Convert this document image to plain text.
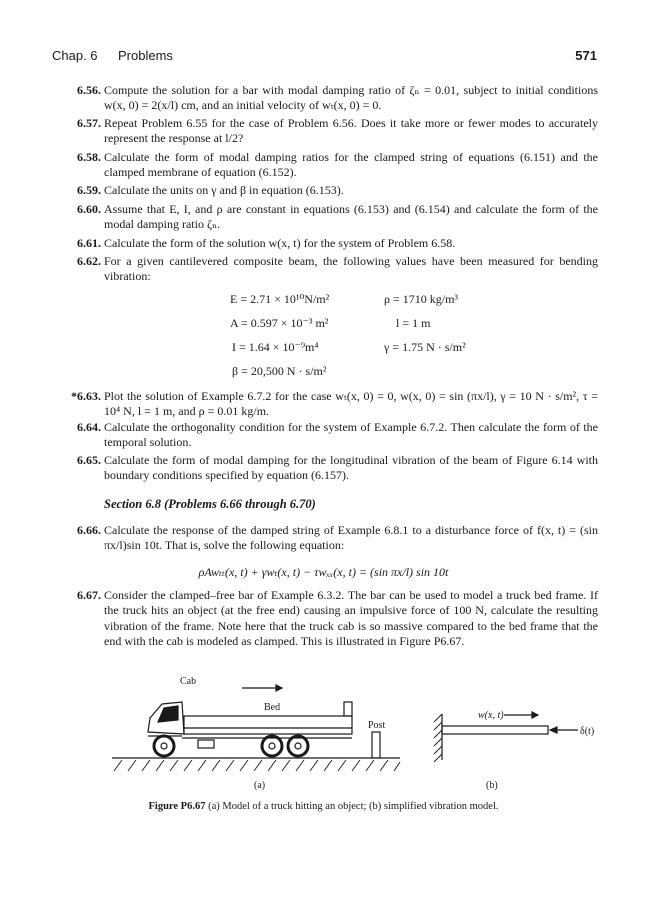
Chap. 6 Problems	571
6.56. Compute the solution for a bar with modal damping ratio of ζₙ = 0.01, subject to initial conditions w(x, 0) = 2(x/l) cm, and an initial velocity of wₜ(x, 0) = 0.

6.57. Repeat Problem 6.55 for the case of Problem 6.56. Does it take more or fewer modes to accurately represent the response at l/2?

6.58. Calculate the form of modal damping ratios for the clamped string of equations (6.151) and the clamped membrane of equation (6.152).

6.59. Calculate the units on γ and β in equation (6.153).

6.60. Assume that E, I, and ρ are constant in equations (6.153) and (6.154) and calculate the form of the modal damping ratio ζₙ.

6.61. Calculate the form of the solution w(x, t) for the system of Problem 6.58.

6.62. For a given cantilevered composite beam, the following values have been measured for bending vibration:

E = 2.71 × 10¹⁰N/m²
A = 0.597 × 10⁻³ m²
I = 1.64 × 10⁻⁹m⁴
β = 20,500 N · s/m²
ρ = 1710 kg/m³
l = 1 m
γ = 1.75 N · s/m²
*6.63. Plot the solution of Example 6.7.2 for the case wₜ(x, 0) = 0, w(x, 0) = sin (πx/l), γ = 10 N · s/m², τ = 10⁴ N, l = 1 m, and ρ = 0.01 kg/m.

6.64. Calculate the orthogonality condition for the system of Example 6.7.2. Then calculate the form of the temporal solution.

6.65. Calculate the form of modal damping for the longitudinal vibration of the beam of Figure 6.14 with boundary conditions specified by equation (6.157).

Section 6.8 (Problems 6.66 through 6.70)
6.66. Calculate the response of the damped string of Example 6.8.1 to a disturbance force of f(x, t) = (sin πx/l)sin 10t. That is, solve the following equation:

ρAwₜₜ(x, t) + γwₜ(x, t) − τwₓₓ(x, t) = (sin πx/l) sin 10t
6.67. Consider the clamped–free bar of Example 6.3.2. The bar can be used to model a truck bed frame. If the truck hits an object (at the free end) causing an impulsive force of 100 N, calculate the resulting vibration of the frame. Note here that the truck cab is so massive compared to the bed frame that the end with the cab is modeled as clamped. This is illustrated in Figure P6.67.

Cab
Bed
Post
w(x, t)
δ(t)
(a)	(b)
Figure P6.67 (a) Model of a truck hitting an object; (b) simplified vibration model.
